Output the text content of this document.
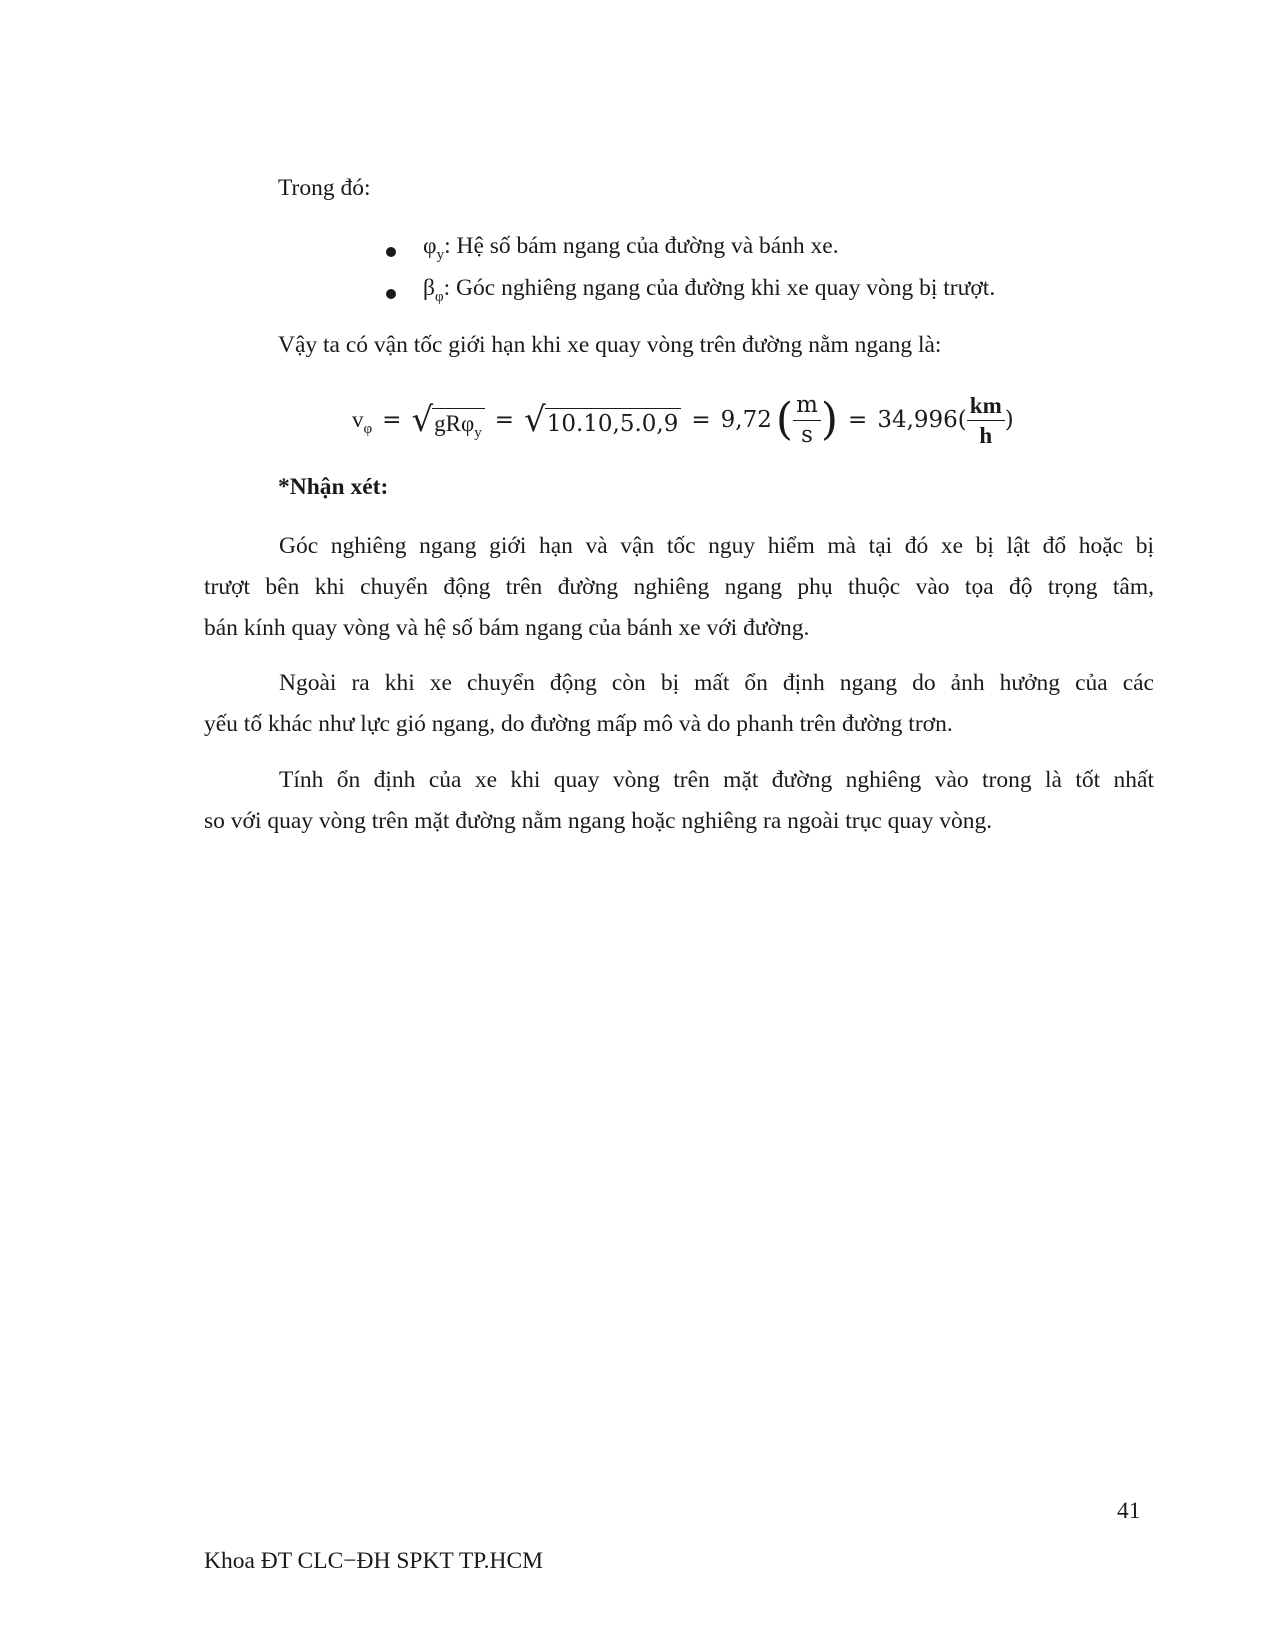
Trong đó:
$\varphi_y$: Hệ số bám ngang của đường và bánh xe.
$\beta_\varphi$: Góc nghiêng ngang của đường khi xe quay vòng bị trượt.
Vậy ta có vận tốc giới hạn khi xe quay vòng trên đường nằm ngang là:
$v_\varphi$ = √ gRφ$_y$ = √ 10.10,5.0,9 = 9,72 ( $\frac{m}{s}$ ) = $34,996( \frac{km}{h}$ )
*Nhận xét:
Góc nghiêng ngang giới hạn và vận tốc nguy hiểm mà tại đó xe bị lật đổ hoặc bị
trượt bên khi chuyển động trên đường nghiêng ngang phụ thuộc vào tọa độ trọng tâm,
bán kính quay vòng và hệ số bám ngang của bánh xe với đường.
Ngoài ra khi xe chuyển động còn bị mất ổn định ngang do ảnh hưởng của các
yếu tố khác như lực gió ngang, do đường mấp mô và do phanh trên đường trơn.
Tính ổn định của xe khi quay vòng trên mặt đường nghiêng vào trong là tốt nhất
so với quay vòng trên mặt đường nằm ngang hoặc nghiêng ra ngoài trục quay vòng.
41
Khoa ĐT CLC−ĐH SPKT TP.HCM
